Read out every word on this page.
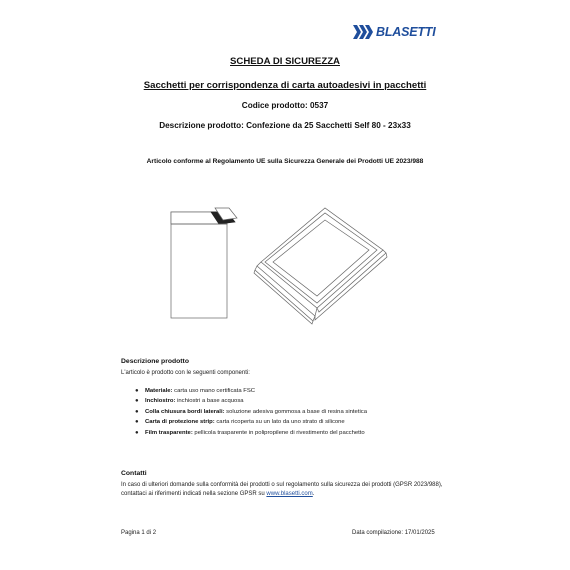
BLASETTI
SCHEDA DI SICUREZZA
Sacchetti per corrispondenza di carta autoadesivi in pacchetti
Codice prodotto: 0537
Descrizione prodotto: Confezione da 25 Sacchetti Self 80 - 23x33
Articolo conforme al Regolamento UE sulla Sicurezza Generale dei Prodotti UE 2023/988
Descrizione prodotto
L'articolo è prodotto con le seguenti componenti:
● Materiale: carta uso mano certificata FSC
● Inchiostro: inchiostri a base acquosa
● Colla chiusura bordi laterali: soluzione adesiva gommosa a base di resina sintetica
● Carta di protezione strip: carta ricoperta su un lato da uno strato di silicone
● Film trasparente: pellicola trasparente in polipropilene di rivestimento del pacchetto
Contatti
In caso di ulteriori domande sulla conformità dei prodotti o sul regolamento sulla sicurezza dei prodotti (GPSR 2023/988), contattaci ai riferimenti indicati nella sezione GPSR su www.blasetti.com.
Pagina 1 di 2	Data compilazione: 17/01/2025
